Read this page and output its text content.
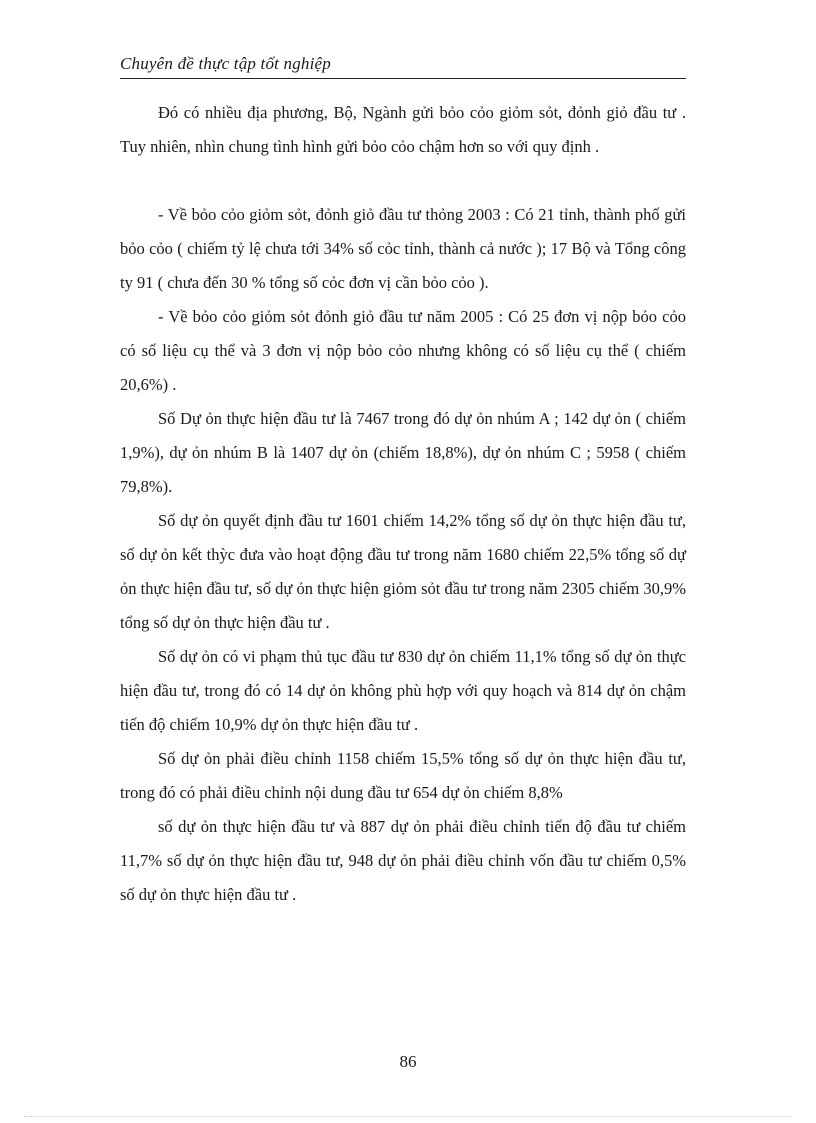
Chuyên đề thực tập tốt nghiệp

Đó có nhiều địa phương, Bộ, Ngành gửi bỏo cỏo giỏm sỏt, đỏnh giỏ đầu tư . Tuy nhiên, nhìn chung tình hình gửi bỏo cỏo chậm hơn so với quy định .

- Về bỏo cỏo giỏm sỏt, đỏnh giỏ đầu tư thỏng 2003 : Có 21 tỉnh, thành phố gửi bỏo cỏo ( chiếm tỷ lệ chưa tới 34% số cỏc tỉnh, thành cả nước ); 17 Bộ và Tổng công ty 91 ( chưa đến 30 % tổng số cỏc đơn vị cần bỏo cỏo ).

- Về bỏo cỏo giỏm sỏt đỏnh giỏ đầu tư năm 2005 : Có 25 đơn vị nộp bỏo cỏo có số liệu cụ thể và 3 đơn vị nộp bỏo cỏo nhưng không có số liệu cụ thể ( chiếm 20,6%) .

Số Dự ỏn thực hiện đầu tư là 7467 trong đó dự ỏn nhúm A ; 142 dự ỏn ( chiếm 1,9%), dự ỏn nhúm B là 1407 dự ỏn (chiếm 18,8%), dự ỏn nhúm C ; 5958 ( chiếm 79,8%).

Số dự ỏn quyết định đầu tư 1601 chiếm 14,2% tổng số dự ỏn thực hiện đầu tư, số dự ỏn kết thỳc đưa vào hoạt động đầu tư trong năm 1680 chiếm 22,5% tổng số dự ỏn thực hiện đầu tư, số dự ỏn thực hiện giỏm sỏt đầu tư trong năm 2305 chiếm 30,9% tổng số dự ỏn thực hiện đầu tư .

Số dự ỏn có vi phạm thủ tục đầu tư 830 dự ỏn chiếm 11,1% tổng số dự ỏn thực hiện đầu tư, trong đó có 14 dự ỏn không phù hợp với quy hoạch và 814 dự ỏn chậm tiến độ chiếm 10,9% dự ỏn thực hiện đầu tư .

Số dự ỏn phải điều chỉnh 1158 chiếm 15,5% tổng số dự ỏn thực hiện đầu tư, trong đó có phải điều chỉnh nội dung đầu tư 654 dự ỏn chiếm 8,8%

số dự ỏn thực hiện đầu tư và 887 dự ỏn phải điều chỉnh tiến độ đầu tư chiếm 11,7% số dự ỏn thực hiện đầu tư, 948 dự ỏn phải điều chỉnh vốn đầu tư chiếm 0,5% số dự ỏn thực hiện đầu tư .

86
